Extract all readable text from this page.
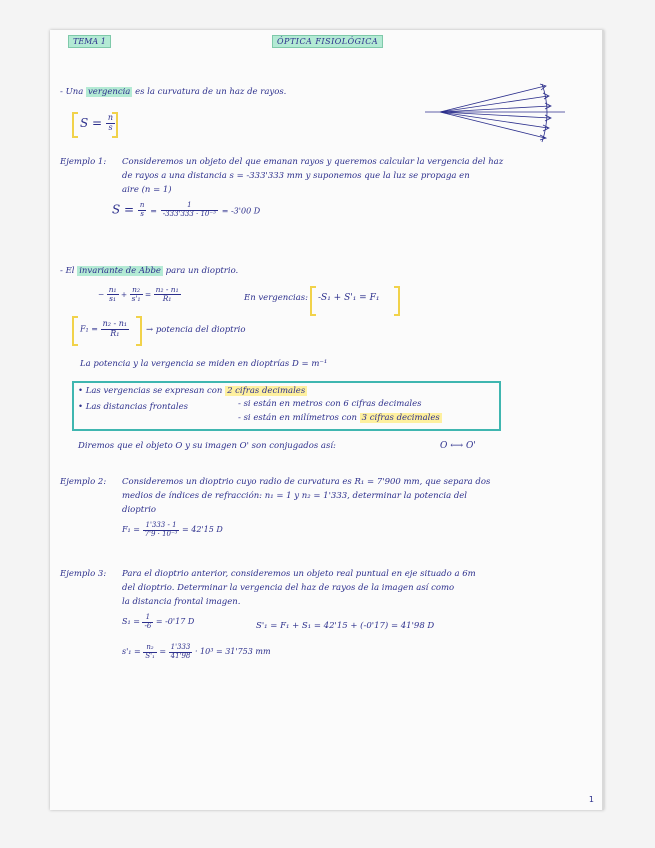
TEMA 1	ÓPTICA FISIOLÓGICA
- Una vergencia es la curvatura de un haz de rayos.
$S = \frac{n}{s}$
Ejemplo 1: Consideremos un objeto del que emanan rayos y queremos calcular la vergencia del haz
de rayos a una distancia s = -333'333 mm y suponemos que la luz se propaga en
aire (n = 1)
$S = \frac{n}{s} = \frac{1}{\text{-333'333 · 10⁻³}} = -3'00$ D
- El invariante de Abbe para un dioptrio.
− $\frac{\text{n₁}}{\text{s₁}} + \frac{\text{n₂}}{\text{s'₁}} = \frac{\text{n₂ - n₁}}{\text{R₁}}$	En vergencias: -S₁ + S'₁ = F₁
$F_1 = \frac{\text{n₂ - n₁}}{\text{R₁}}$ → potencia del dioptrio
La potencia y la vergencia se miden en dioptrías D = m⁻¹
• Las vergencias se expresan con 2 cifras decimales
• Las distancias frontales	- si están en metros con 6 cifras decimales
- si están en milímetros con 3 cifras decimales
Diremos que el objeto O y su imagen O' son conjugados así:	O ⟷ O'
Ejemplo 2: Consideremos un dioptrio cuyo radio de curvatura es R₁ = 7'900 mm, que separa dos
medios de índices de refracción: n₁ = 1 y n₂ = 1'333, determinar la potencia del
dioptrio
$F_1 = \frac{1'333 - 1}{\text{7'9 · 10⁻³}} = 42'15$ D
Ejemplo 3: Para el dioptrio anterior, consideremos un objeto real puntual en eje situado a 6m
del dioptrio. Determinar la vergencia del haz de rayos de la imagen así como
la distancia frontal imagen.
$S_1 = \frac{1}{-6} = -0'17$ D	S'₁ = F₁ + S₁ = 42'15 + (-0'17) = 41'98 D
$s'_1 = \frac{\text{n₂}}{\text{S'₁}} = \frac{1'333}{41'98} \cdot 10^3 = 31'753$ mm
1
